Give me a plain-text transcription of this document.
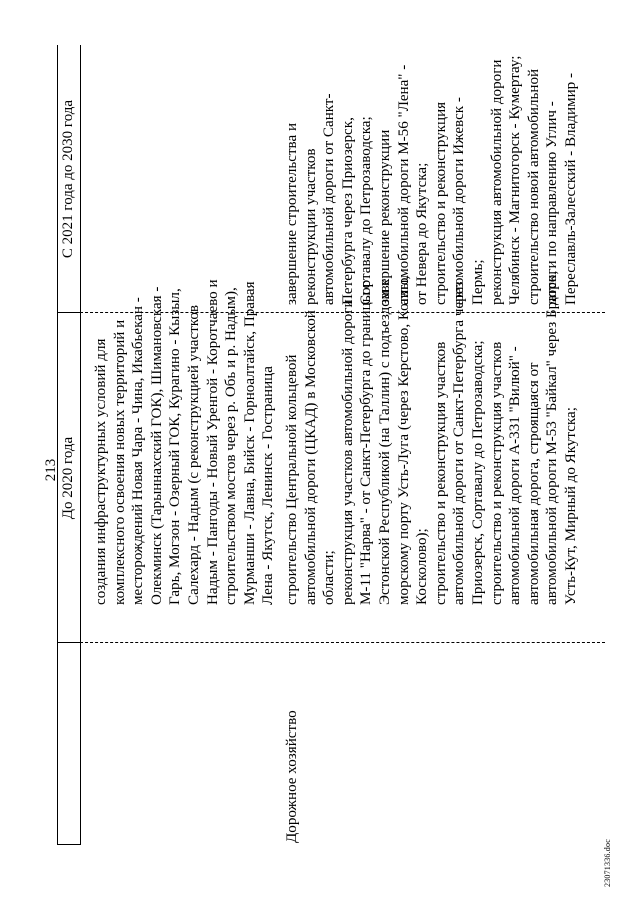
213 До 2020 года
С 2021 года до 2030 года
создания инфраструктурных условий для комплексного освоения новых территорий и месторождений Новая Чара - Чина, Икабьекан - Олекминск (Тарыннахский ГОК), Шимановская - Гарь, Могзон - Озерный ГОК, Курагино - Кызыл, Салехард - Надым (с реконструкцией участков Надым - Пангоды - Новый Уренгой - Коротчаево и строительством мостов через р. Обь и р. Надым), Мурманши - Лавна, Бийск - Горноалтайск, Правая Лена - Якутск, Ленинск - Гостраница
Дорожное хозяйство
строительство Центральной кольцевой автомобильной дороги (ЦКАД) в Московской области; реконструкция участков автомобильной дороги М-11 "Нарва" - от Санкт-Петербурга до границы с Эстонской Республикой (на Таллин) с подъездом к морскому порту Усть-Луга (через Керстово, Котлы, Косколово); строительство и реконструкция участков автомобильной дороги от Санкт-Петербурга через Приозерск, Сортавалу до Петрозаводска; строительство и реконструкция участков автомобильной дороги А-331 "Вилюй" - автомобильная дорога, строящаяся от автомобильной дороги М-53 "Байкал" через Братск, Усть-Кут, Мирный до Якутска;
завершение строительства и реконструкции участков автомобильной дороги от Санкт- Петербурга через Приозерск, Сортавалу до Петрозаводска; завершение реконструкции автомобильной дороги М-56 "Лена" - от Невера до Якутска; строительство и реконструкция автомобильной дороги Ижевск - Пермь; реконструкция автомобильной дороги Челябинск - Магнитогорск - Кумертау; строительство новой автомобильной дороги по направлению Углич - Переславль-Залесский - Владимир -
23071336.doc
